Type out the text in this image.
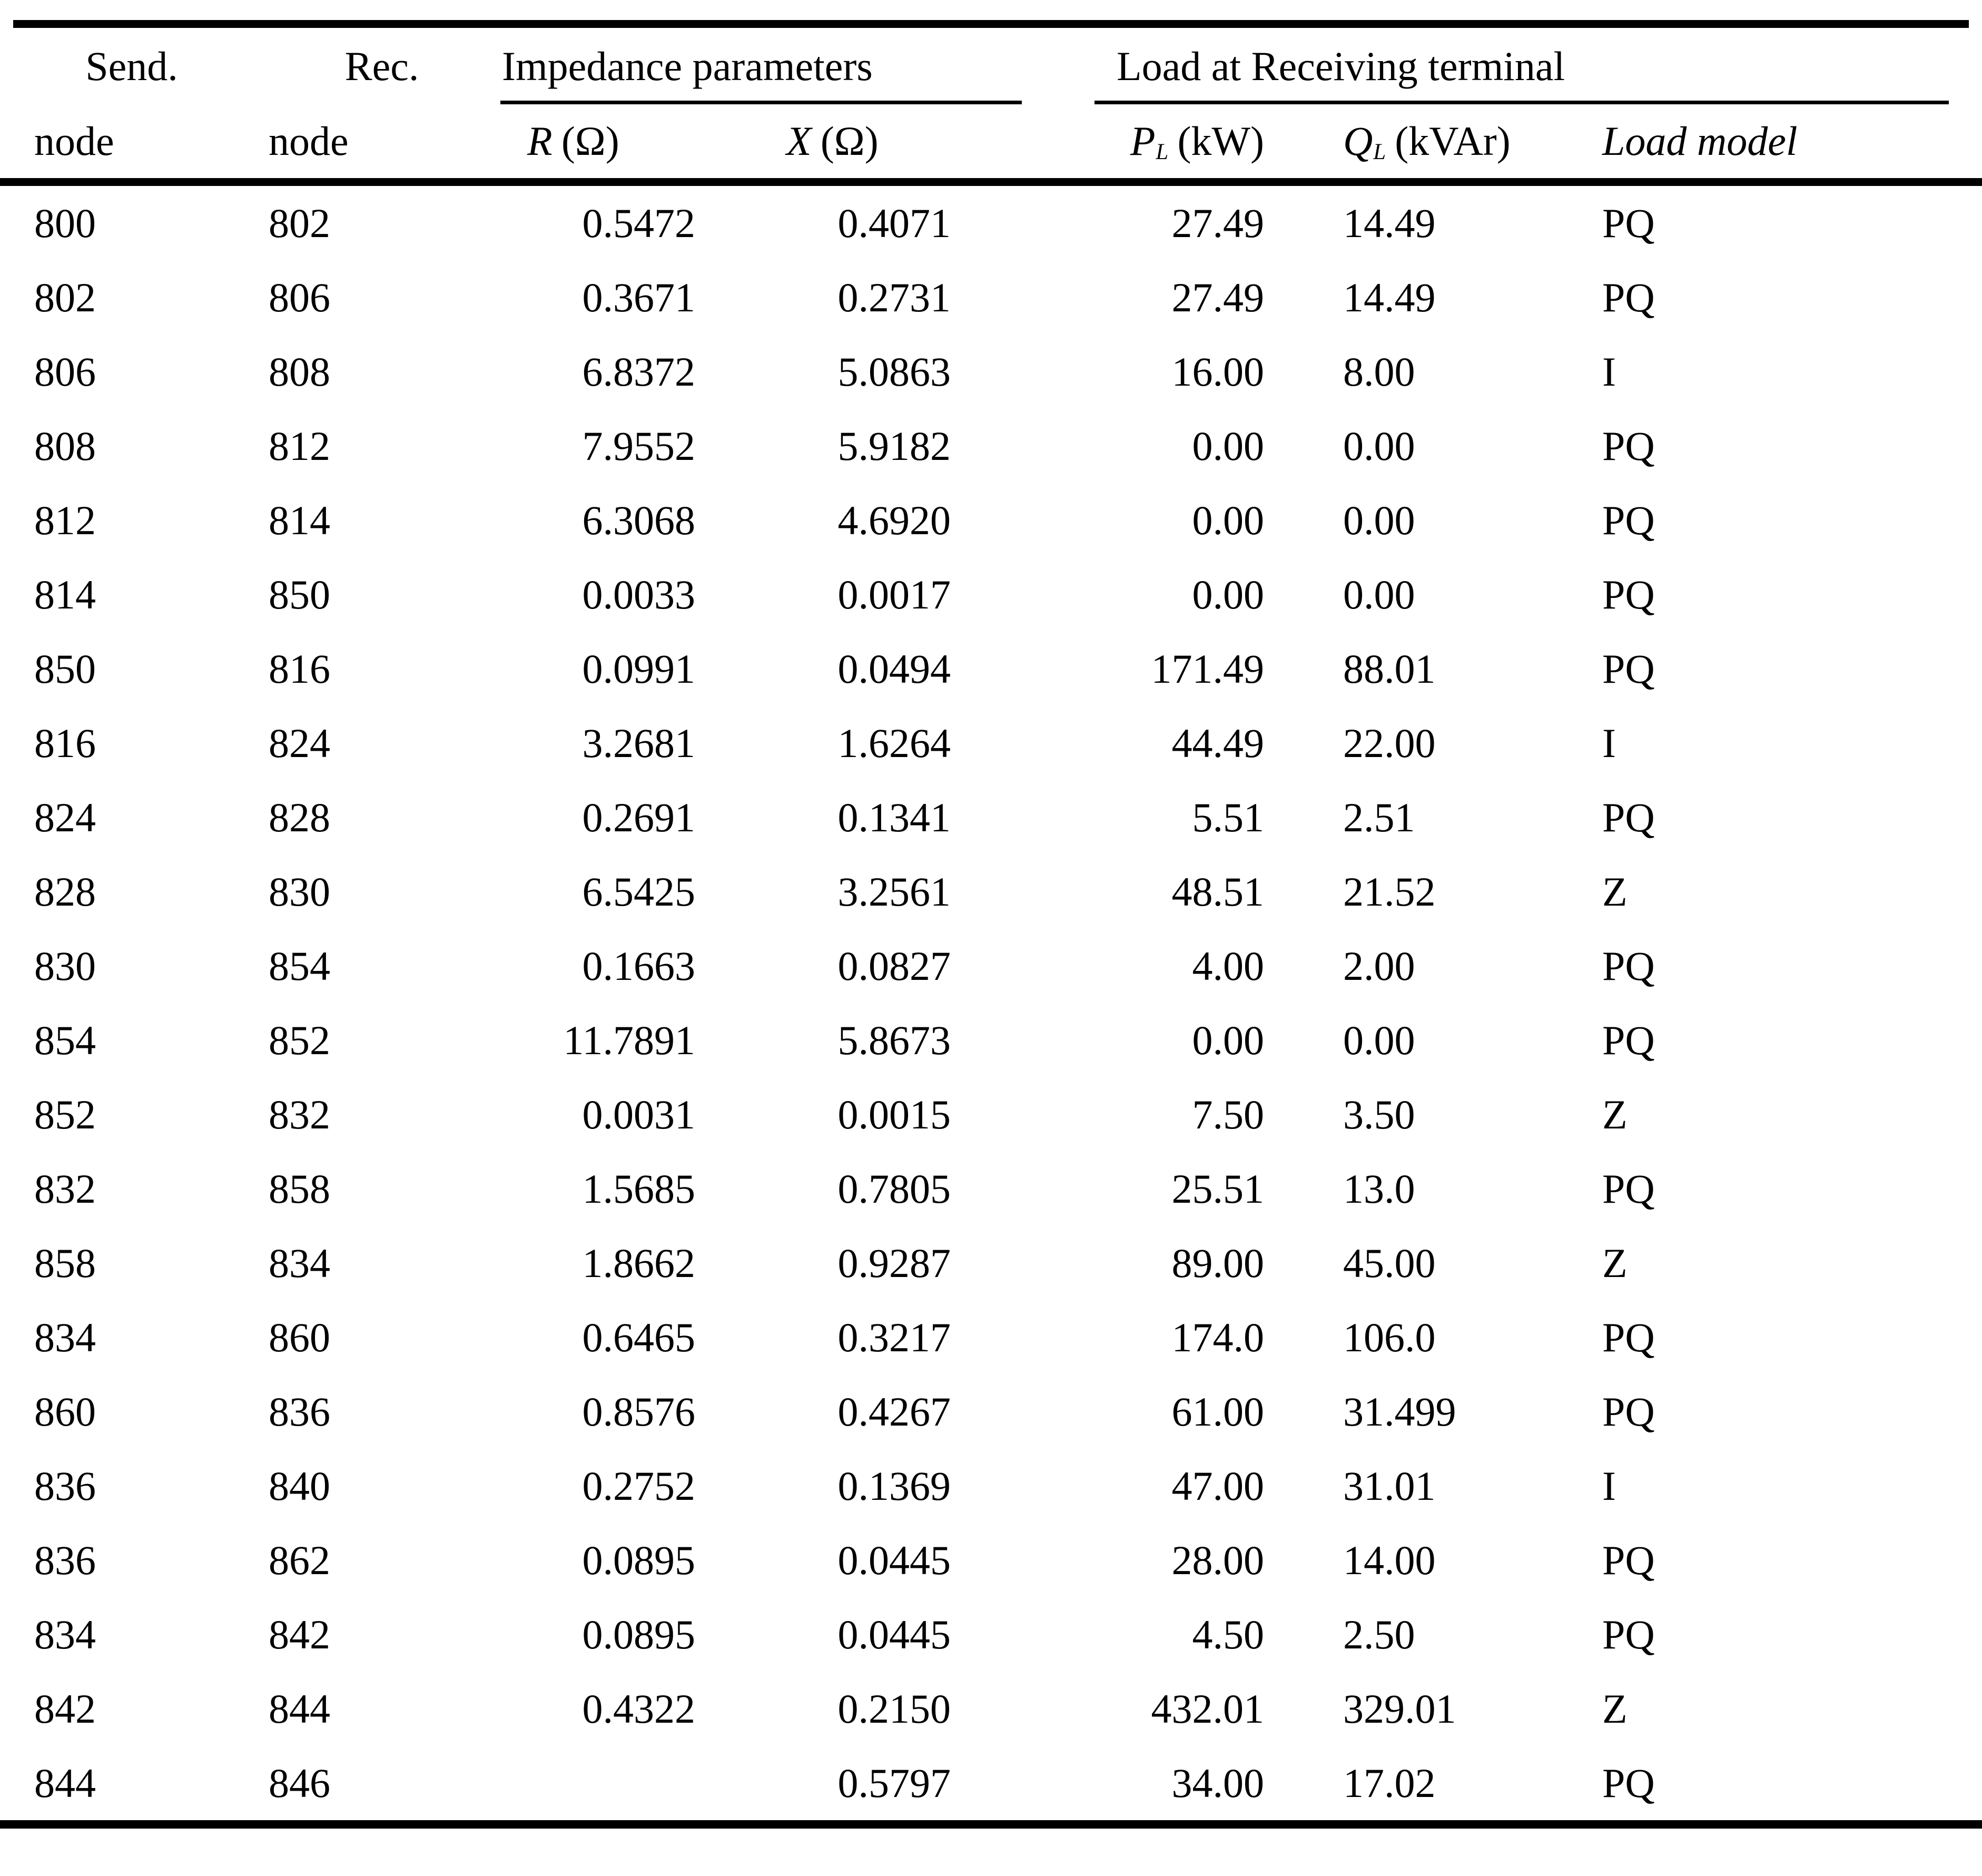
Send.	Rec.	Impedance parameters		Load at Receiving terminal		

node	node	R (Ω)	X (Ω)	PL (kW)	QL (kVAr)	Load model
800	802	0.5472	0.4071	27.49	14.49	PQ
802	806	0.3671	0.2731	27.49	14.49	PQ
806	808	6.8372	5.0863	16.00	8.00	I
808	812	7.9552	5.9182	0.00	0.00	PQ
812	814	6.3068	4.6920	0.00	0.00	PQ
814	850	0.0033	0.0017	0.00	0.00	PQ
850	816	0.0991	0.0494	171.49	88.01	PQ
816	824	3.2681	1.6264	44.49	22.00	I
824	828	0.2691	0.1341	5.51	2.51	PQ
828	830	6.5425	3.2561	48.51	21.52	Z
830	854	0.1663	0.0827	4.00	2.00	PQ
854	852	11.7891	5.8673	0.00	0.00	PQ
852	832	0.0031	0.0015	7.50	3.50	Z
832	858	1.5685	0.7805	25.51	13.0	PQ
858	834	1.8662	0.9287	89.00	45.00	Z
834	860	0.6465	0.3217	174.0	106.0	PQ
860	836	0.8576	0.4267	61.00	31.499	PQ
836	840	0.2752	0.1369	47.00	31.01	I
836	862	0.0895	0.0445	28.00	14.00	PQ
834	842	0.0895	0.0445	4.50	2.50	PQ
842	844	0.4322	0.2150	432.01	329.01	Z
844	846		0.5797	34.00	17.02	PQ
